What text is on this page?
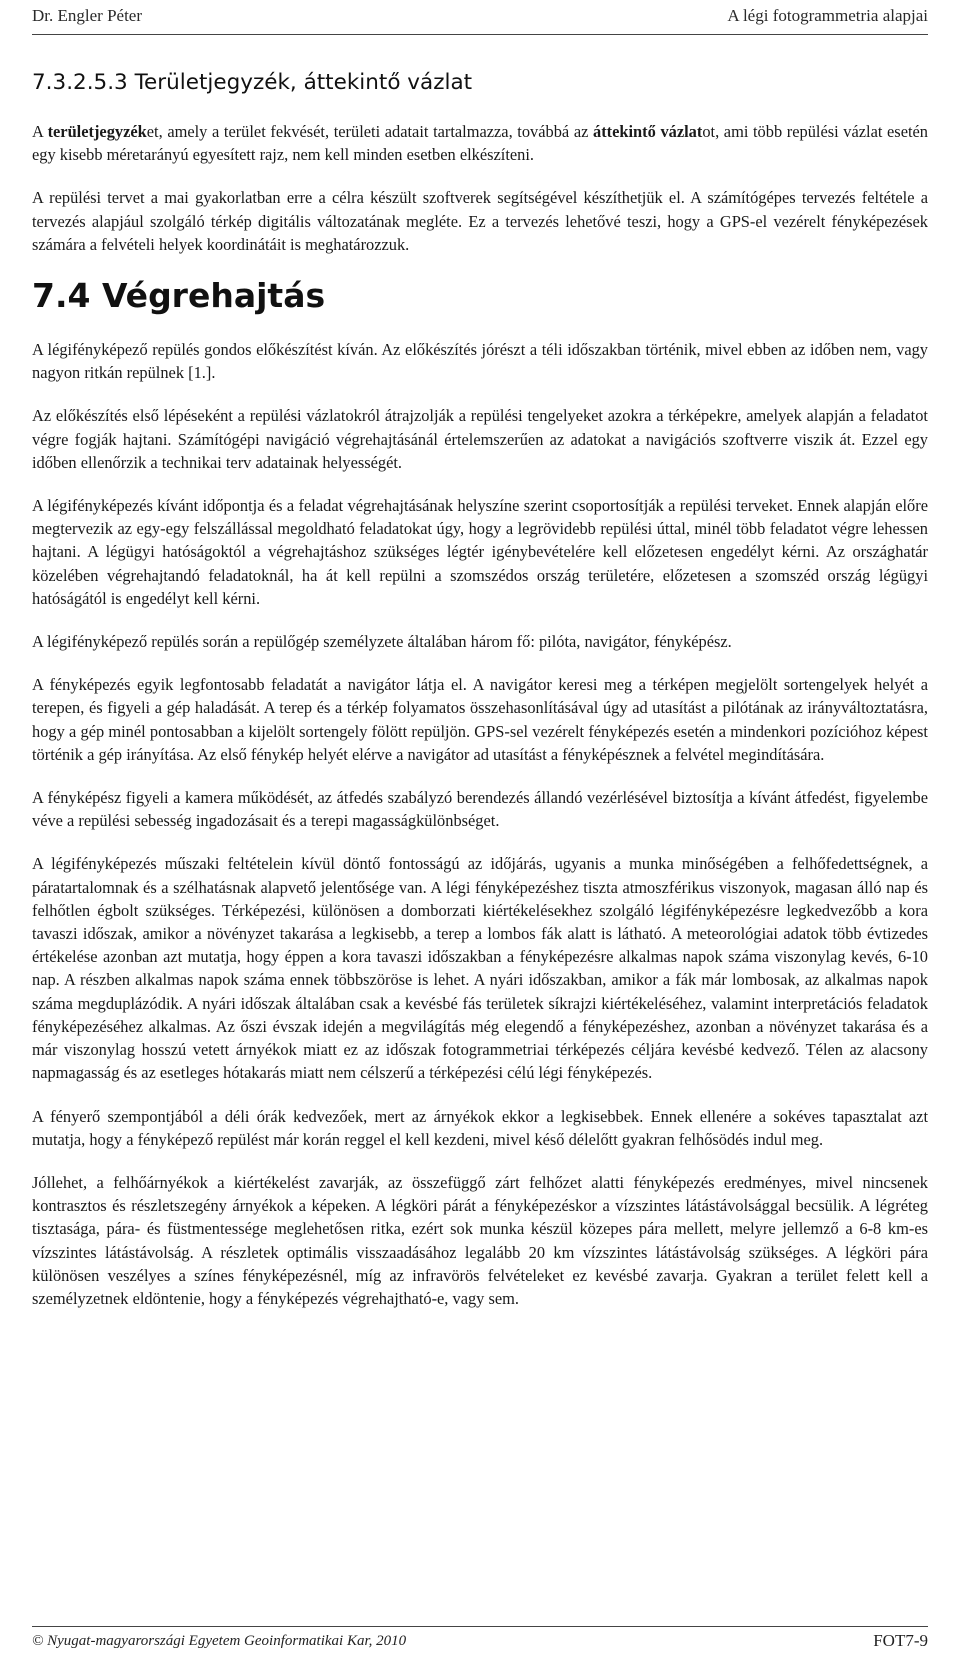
Dr. Engler Péter	A légi fotogrammetria alapjai
7.3.2.5.3 Területjegyzék, áttekintő vázlat

A területjegyzéket, amely a terület fekvését, területi adatait tartalmazza, továbbá az áttekintő vázlatot, ami több repülési vázlat esetén egy kisebb méretarányú egyesített rajz, nem kell minden esetben elkészíteni.

A repülési tervet a mai gyakorlatban erre a célra készült szoftverek segítségével készíthetjük el. A számítógépes tervezés feltétele a tervezés alapjául szolgáló térkép digitális változatának megléte. Ez a tervezés lehetővé teszi, hogy a GPS-el vezérelt fényképezések számára a felvételi helyek koordinátáit is meghatározzuk.

7.4 Végrehajtás

A légifényképező repülés gondos előkészítést kíván. Az előkészítés jórészt a téli időszakban történik, mivel ebben az időben nem, vagy nagyon ritkán repülnek [1.].

Az előkészítés első lépéseként a repülési vázlatokról átrajzolják a repülési tengelyeket azokra a térképekre, amelyek alapján a feladatot végre fogják hajtani. Számítógépi navigáció végrehajtásánál értelemszerűen az adatokat a navigációs szoftverre viszik át. Ezzel egy időben ellenőrzik a technikai terv adatainak helyességét.

A légifényképezés kívánt időpontja és a feladat végrehajtásának helyszíne szerint csoportosítják a repülési terveket. Ennek alapján előre megtervezik az egy-egy felszállással megoldható feladatokat úgy, hogy a legrövidebb repülési úttal, minél több feladatot végre lehessen hajtani. A légügyi hatóságoktól a végrehajtáshoz szükséges légtér igénybevételére kell előzetesen engedélyt kérni. Az országhatár közelében végrehajtandó feladatoknál, ha át kell repülni a szomszédos ország területére, előzetesen a szomszéd ország légügyi hatóságától is engedélyt kell kérni.

A légifényképező repülés során a repülőgép személyzete általában három fő: pilóta, navigátor, fényképész.

A fényképezés egyik legfontosabb feladatát a navigátor látja el. A navigátor keresi meg a térképen megjelölt sortengelyek helyét a terepen, és figyeli a gép haladását. A terep és a térkép folyamatos összehasonlításával úgy ad utasítást a pilótának az irányváltoztatásra, hogy a gép minél pontosabban a kijelölt sortengely fölött repüljön. GPS-sel vezérelt fényképezés esetén a mindenkori pozícióhoz képest történik a gép irányítása. Az első fénykép helyét elérve a navigátor ad utasítást a fényképésznek a felvétel megindítására.

A fényképész figyeli a kamera működését, az átfedés szabályzó berendezés állandó vezérlésével biztosítja a kívánt átfedést, figyelembe véve a repülési sebesség ingadozásait és a terepi magasságkülönbséget.

A légifényképezés műszaki feltételein kívül döntő fontosságú az időjárás, ugyanis a munka minőségében a felhőfedettségnek, a páratartalomnak és a szélhatásnak alapvető jelentősége van. A légi fényképezéshez tiszta atmoszférikus viszonyok, magasan álló nap és felhőtlen égbolt szükséges. Térképezési, különösen a domborzati kiértékelésekhez szolgáló légifényképezésre legkedvezőbb a kora tavaszi időszak, amikor a növényzet takarása a legkisebb, a terep a lombos fák alatt is látható. A meteorológiai adatok több évtizedes értékelése azonban azt mutatja, hogy éppen a kora tavaszi időszakban a fényképezésre alkalmas napok száma viszonylag kevés, 6-10 nap. A részben alkalmas napok száma ennek többszöröse is lehet. A nyári időszakban, amikor a fák már lombosak, az alkalmas napok száma megduplázódik. A nyári időszak általában csak a kevésbé fás területek síkrajzi kiértékeléséhez, valamint interpretációs feladatok fényképezéséhez alkalmas. Az őszi évszak idején a megvilágítás még elegendő a fényképezéshez, azonban a növényzet takarása és a már viszonylag hosszú vetett árnyékok miatt ez az időszak fotogrammetriai térképezés céljára kevésbé kedvező. Télen az alacsony napmagasság és az esetleges hótakarás miatt nem célszerű a térképezési célú légi fényképezés.

A fényerő szempontjából a déli órák kedvezőek, mert az árnyékok ekkor a legkisebbek. Ennek ellenére a sokéves tapasztalat azt mutatja, hogy a fényképező repülést már korán reggel el kell kezdeni, mivel késő délelőtt gyakran felhősödés indul meg.

Jóllehet, a felhőárnyékok a kiértékelést zavarják, az összefüggő zárt felhőzet alatti fényképezés eredményes, mivel nincsenek kontrasztos és részletszegény árnyékok a képeken. A légköri párát a fényképezéskor a vízszintes látástávolsággal becsülik. A légréteg tisztasága, pára- és füstmentessége meglehetősen ritka, ezért sok munka készül közepes pára mellett, melyre jellemző a 6-8 km-es vízszintes látástávolság. A részletek optimális visszaadásához legalább 20 km vízszintes látástávolság szükséges. A légköri pára különösen veszélyes a színes fényképezésnél, míg az infravörös felvételeket ez kevésbé zavarja. Gyakran a terület felett kell a személyzetnek eldöntenie, hogy a fényképezés végrehajtható-e, vagy sem.

© Nyugat-magyarországi Egyetem Geoinformatikai Kar, 2010	FOT7-9
